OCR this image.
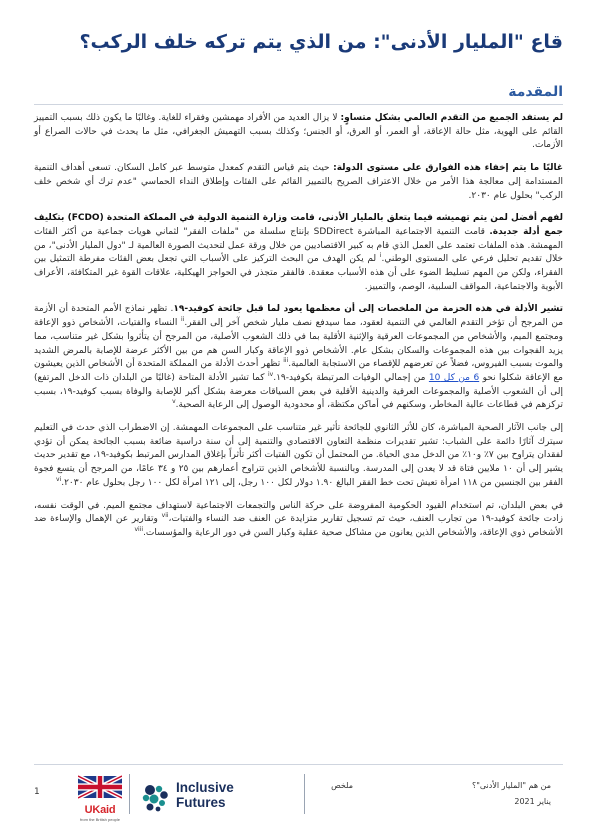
قاع "المليار الأدنى": من الذي يتم تركه خلف الركب؟
المقدمة

لم يستفد الجميع من التقدم العالمي بشكل متساوٍ: لا يزال العديد من الأفراد مهمشين وفقراء للغاية. وغالبًا ما يكون ذلك بسبب التمييز القائم على الهوية، مثل حالة الإعاقة، أو العمر، أو العرق، أو الجنس؛ وكذلك بسبب التهميش الجغرافي، مثل ما يحدث في حالات الصراع أو الأزمات.

غالبًا ما يتم إخفاء هذه الفوارق على مستوى الدولة: حيث يتم قياس التقدم كمعدل متوسط عبر كامل السكان. تسعى أهداف التنمية المستدامة إلى معالجة هذا الأمر من خلال الاعتراف الصريح بالتمييز القائم على الفئات وإطلاق النداء الحماسي "عدم ترك أي شخص خلف الركب" بحلول عام ٢٠٣٠.

لفهم أفضل لمن يتم تهميشه فيما يتعلق بالمليار الأدنى، قامت وزارة التنمية الدولية في المملكة المتحدة (FCDO) بتكليف جمع أدلة جديدة. قامت التنمية الاجتماعية المباشرة SDDirect بإنتاج سلسلة من "ملفات الفقر" لثماني هويات جماعية من أكثر الفئات المهمشة. هذه الملفات تعتمد على العمل الذي قام به كبير الاقتصاديين من خلال ورقة عمل لتحديث الصورة العالمية لـ "دول المليار الأدنى"، من خلال تقديم تحليل فرعي على المستوى الوطني.$^i$ لم يكن الهدف من البحث التركيز على الأسباب التي تجعل بعض الفئات مفرطة التمثيل بين الفقراء، ولكن من المهم تسليط الضوء على أن هذه الأسباب معقدة. فالفقر متجذر في الحواجز الهيكلية، علاقات القوة غير المتكافئة، الأعراف الأبوية والاجتماعية، المواقف السلبية، الوصم، والتمييز.

تشير الأدلة في هذه الحزمة من الملخصات إلى أن معظمها يعود لما قبل جائحة كوفيد-١٩. تظهر نماذج الأمم المتحدة أن الأزمة من المرجح أن تؤخر التقدم العالمي في التنمية لعقود، مما سيدفع نصف مليار شخص آخر إلى الفقر.$^{ii}$ النساء والفتيات، الأشخاص ذوو الإعاقة ومجتمع الميم، والأشخاص من المجموعات العرقية والإثنية الأقلية بما في ذلك الشعوب الأصلية، من المرجح أن يتأثروا بشكل غير متناسب، مما يزيد الفجوات بين هذه المجموعات والسكان بشكل عام. الأشخاص ذوو الإعاقة وكبار السن هم من بين الأكثر عرضة للإصابة بالمرض الشديد والموت بسبب الفيروس، فضلاً عن تعرضهم للإقصاء من الاستجابة العالمية.$^{iii}$ تظهر أحدث الأدلة من المملكة المتحدة أن الأشخاص الذين يعيشون مع الإعاقة شكلوا نحو 6 من كل 10 من إجمالي الوفيات المرتبطة بكوفيد-١٩.$^{iv}$ كما تشير الأدلة المتاحة (غالبًا من البلدان ذات الدخل المرتفع) إلى أن الشعوب الأصلية والمجموعات العرقية والدينية الأقلية في بعض السياقات معرضة بشكل أكبر للإصابة والوفاة بسبب كوفيد-١٩، بسبب تركزهم في قطاعات عالية المخاطر، وسكنهم في أماكن مكتظة، أو محدودية الوصول إلى الرعاية الصحية.$^v$

إلى جانب الآثار الصحية المباشرة، كان للأثر الثانوي للجائحة تأثير غير متناسب على المجموعات المهمشة. إن الاضطراب الذي حدث في التعليم سيترك آثارًا دائمة على الشباب: تشير تقديرات منظمة التعاون الاقتصادي والتنمية إلى أن سنة دراسية ضائعة بسبب الجائحة يمكن أن تؤدي لفقدان يتراوح بين ٧٪ و١٠٪ من الدخل مدى الحياة. من المحتمل أن تكون الفتيات أكثر تأثراً بإغلاق المدارس المرتبط بكوفيد-١٩، مع تقدير حديث يشير إلى أن ١٠ ملايين فتاة قد لا يعدن إلى المدرسة. وبالنسبة للأشخاص الذين تتراوح أعمارهم بين ٢٥ و ٣٤ عامًا، من المرجح أن يتسع فجوة الفقر بين الجنسين من ١١٨ امرأة تعيش تحت خط الفقر البالغ ١.٩٠ دولار لكل ١٠٠ رجل، إلى ١٢١ امرأة لكل ١٠٠ رجل بحلول عام ٢٠٣٠.$^{vi}$

في بعض البلدان، تم استخدام القيود الحكومية المفروضة على حركة الناس والتجمعات الاجتماعية لاستهداف مجتمع الميم. في الوقت نفسه، زادت جائحة كوفيد-١٩ من تجارب العنف، حيث تم تسجيل تقارير متزايدة عن العنف ضد النساء والفتيات،$^{vii}$ وتقارير عن الإهمال والإساءة ضد الأشخاص ذوي الإعاقة، والأشخاص الذين يعانون من مشاكل صحية عقلية وكبار السن في دور الرعاية والمؤسسات.$^{viii}$

من هم "المليار الأدنى"؟
يناير 2021
ملخص
Inclusive
Futures
UKaid
from the British people
1
